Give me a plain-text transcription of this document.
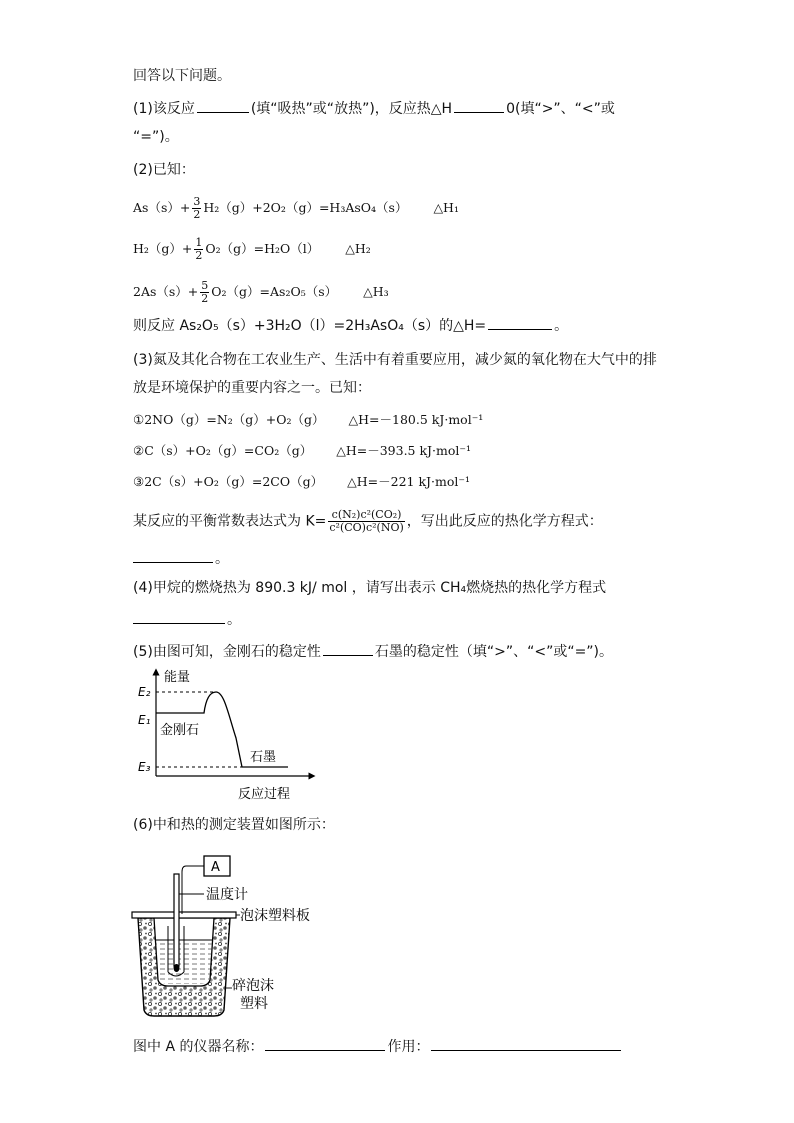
回答以下问题。
(1)该反应	(填“吸热”或“放热”)，反应热△H	0(填“>”、“<”或
“=”)。
(2)已知：
$As(s)+ \frac{3}{2} H_2(g)+2O_2(g)=H_3AsO_4(s)$ △H₁
$H_2(g)+ \frac{1}{2} O_2(g)=H_2O(l)$ △H₂
$2As(s)+ \frac{5}{2} O_2(g)=As_2O_5(s)$ △H₃
则反应 As₂O₅（s）+3H₂O（l）=2H₃AsO₄（s）的△H=	。
(3)氮及其化合物在工农业生产、生活中有着重要应用，减少氮的氧化物在大气中的排
放是环境保护的重要内容之一。已知：
①2NO（g）=N₂（g）+O₂（g） △H=－180.5 kJ·mol⁻¹
②C（s）+O₂（g）=CO₂（g） △H=－393.5 kJ·mol⁻¹
③2C（s）+O₂（g）=2CO（g） △H=－221 kJ·mol⁻¹
某反应的平衡常数表达式为 $K= \frac{\text{c(N₂)c²(CO₂)}}{\text{c²(CO)c²(NO)}}$ ，写出此反应的热化学方程式：
。
(4)甲烷的燃烧热为 890.3 kJ/ mol ，请写出表示 CH₄燃烧热的热化学方程式
。
(5)由图可知，金刚石的稳定性	石墨的稳定性（填“>”、“<”或“=”)。
能量
E₂
E₁
E₃
金刚石
石墨
反应过程
(6)中和热的测定装置如图所示：
A
温度计
泡沫塑料板
碎泡沫
塑料
图中 A 的仪器名称：	作用：
